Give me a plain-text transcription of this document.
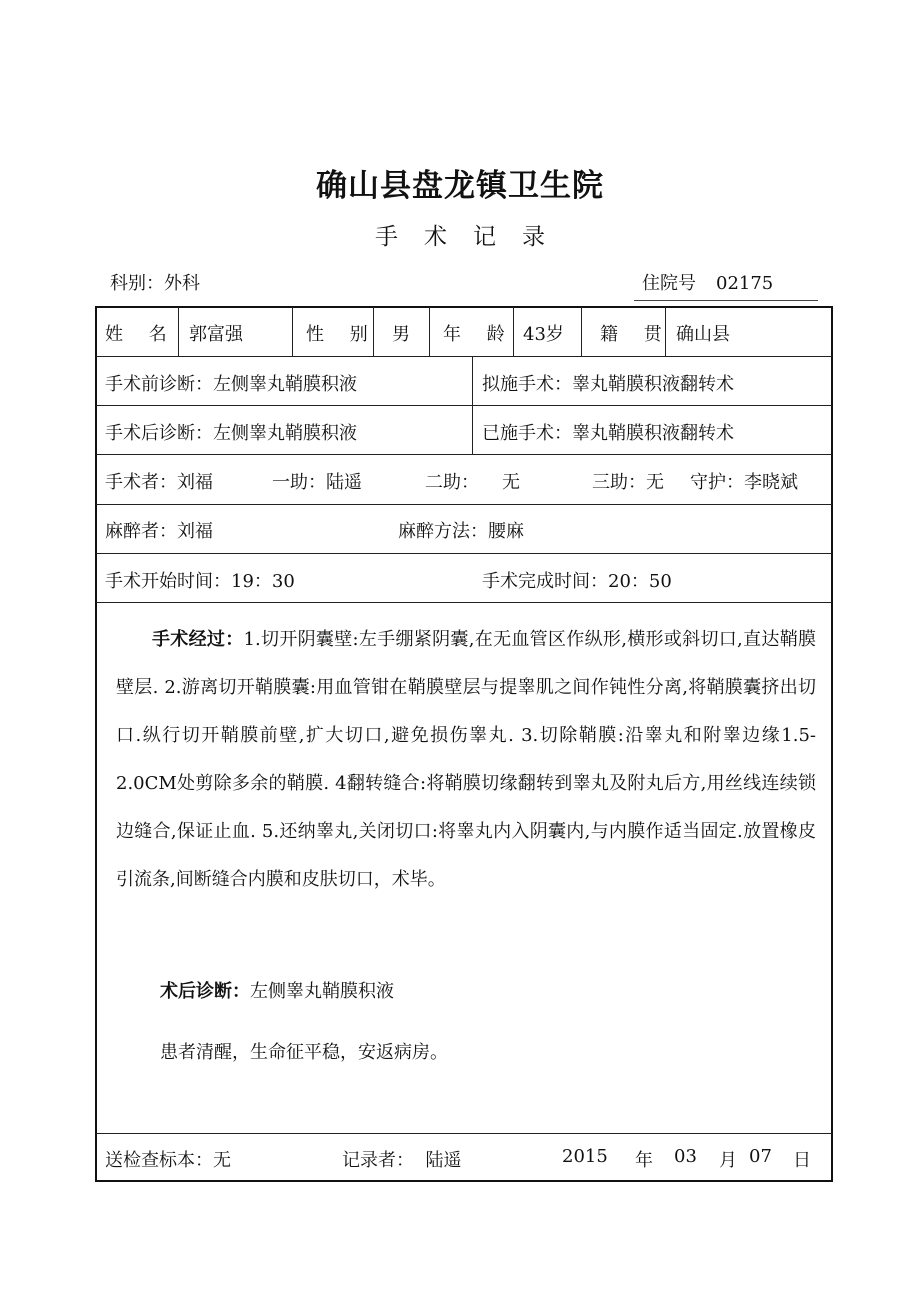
确山县盘龙镇卫生院
手术记录
科别：外科	住院号 02175
姓 名 郭富强	性 别 男 年 龄 43岁 籍 贯 确山县
手术前诊断：左侧睾丸鞘膜积液	拟施手术：睾丸鞘膜积液翻转术
手术后诊断：左侧睾丸鞘膜积液	已施手术：睾丸鞘膜积液翻转术
手术者：刘福	一助：陆遥	二助： 无	三助：无 守护：李晓斌
麻醉者：刘福	麻醉方法：腰麻
手术开始时间：19：30	手术完成时间：20：50
手术经过：1.切开阴囊壁:左手绷紧阴囊,在无血管区作纵形,横形或斜切口,直达鞘膜壁层. 2.游离切开鞘膜囊:用血管钳在鞘膜壁层与提睾肌之间作钝性分离,将鞘膜囊挤出切口.纵行切开鞘膜前壁,扩大切口,避免损伤睾丸. 3.切除鞘膜:沿睾丸和附睾边缘1.5-2.0CM处剪除多余的鞘膜. 4翻转缝合:将鞘膜切缘翻转到睾丸及附丸后方,用丝线连续锁边缝合,保证止血. 5.还纳睾丸,关闭切口:将睾丸内入阴囊内,与内膜作适当固定.放置橡皮引流条,间断缝合内膜和皮肤切口，术毕。
术后诊断：左侧睾丸鞘膜积液
患者清醒，生命征平稳，安返病房。
送检查标本：无	记录者：  陆遥	2015 年 03 月 07 日
